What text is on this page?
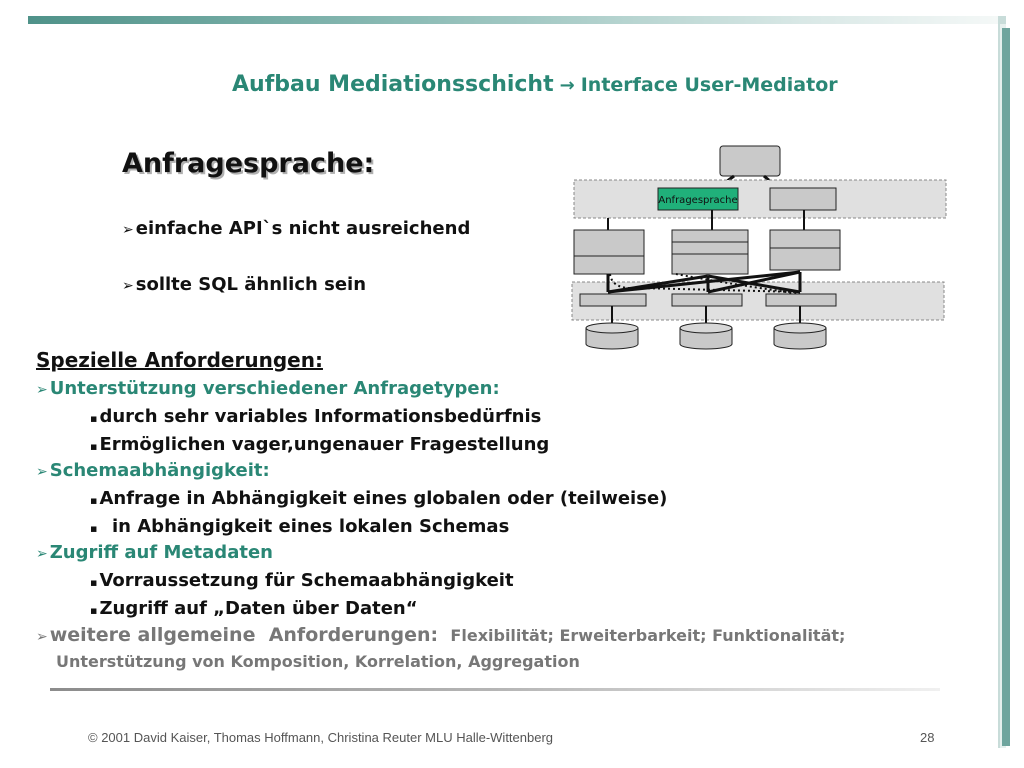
Aufbau Mediationsschicht → Interface User-Mediator
Anfragesprache:
➢ einfache API`s nicht ausreichend
➢ sollte SQL ähnlich sein
Anfragesprache
Spezielle Anforderungen:
➢ Unterstützung verschiedener Anfragetypen:
▪ durch sehr variables Informationsbedürfnis
▪ Ermöglichen vager,ungenauer Fragestellung
➢ Schemaabhängigkeit:
▪ Anfrage in Abhängigkeit eines globalen oder (teilweise)
▪  in Abhängigkeit eines lokalen Schemas
➢ Zugriff auf Metadaten
▪ Vorraussetzung für Schemaabhängigkeit
▪ Zugriff auf „Daten über Daten“
➢ weitere allgemeine  Anforderungen: Flexibilität; Erweiterbarkeit; Funktionalität;
Unterstützung von Komposition, Korrelation, Aggregation
© 2001 David Kaiser, Thomas Hoffmann, Christina Reuter MLU Halle-Wittenberg	28
